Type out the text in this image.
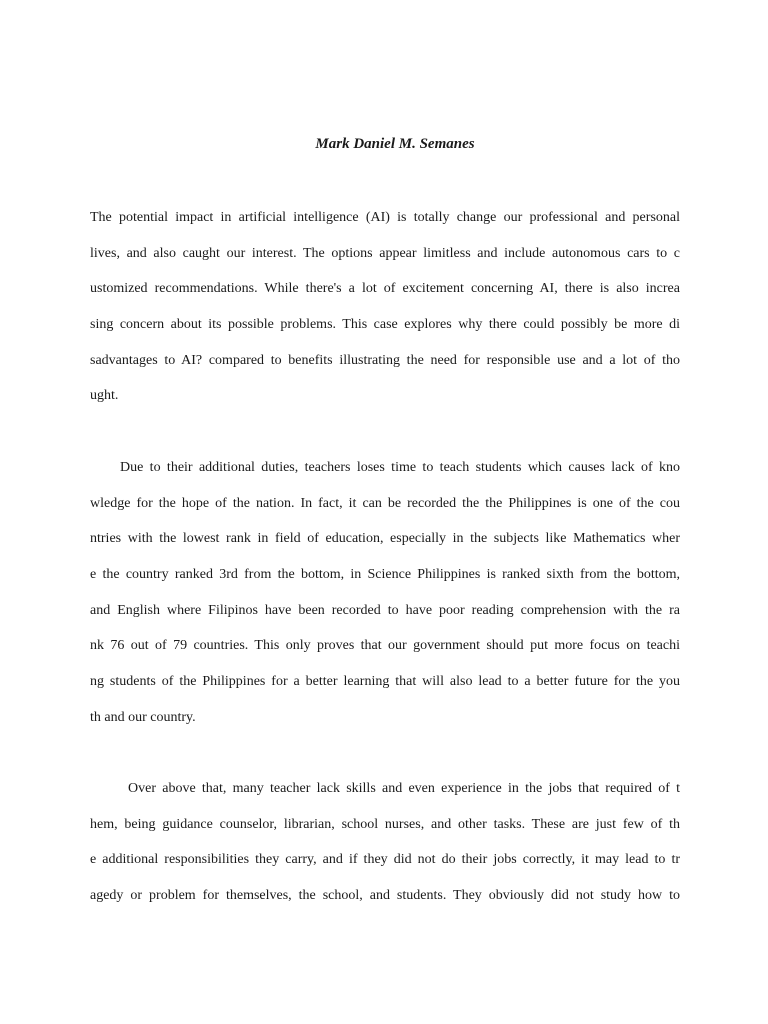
Mark Daniel M. Semanes
The potential impact in artificial intelligence (AI) is totally change our professional and personal
lives, and also caught our interest. The options appear limitless and include autonomous cars to c
ustomized recommendations. While there's a lot of excitement concerning AI, there is also increa
sing concern about its possible problems. This case explores why there could possibly be more di
sadvantages to AI? compared to benefits illustrating the need for responsible use and a lot of tho
ught.
Due to their additional duties, teachers loses time to teach students which causes lack of kno
wledge for the hope of the nation. In fact, it can be recorded the the Philippines is one of the cou
ntries with the lowest rank in field of education, especially in the subjects like Mathematics wher
e the country ranked 3rd from the bottom, in Science Philippines is ranked sixth from the bottom,
and English where Filipinos have been recorded to have poor reading comprehension with the ra
nk 76 out of 79 countries. This only proves that our government should put more focus on teachi
ng students of the Philippines for a better learning that will also lead to a better future for the you
th and our country.
Over above that, many teacher lack skills and even experience in the jobs that required of t
hem, being guidance counselor, librarian, school nurses, and other tasks. These are just few of th
e additional responsibilities they carry, and if they did not do their jobs correctly, it may lead to tr
agedy or problem for themselves, the school, and students. They obviously did not study how to
